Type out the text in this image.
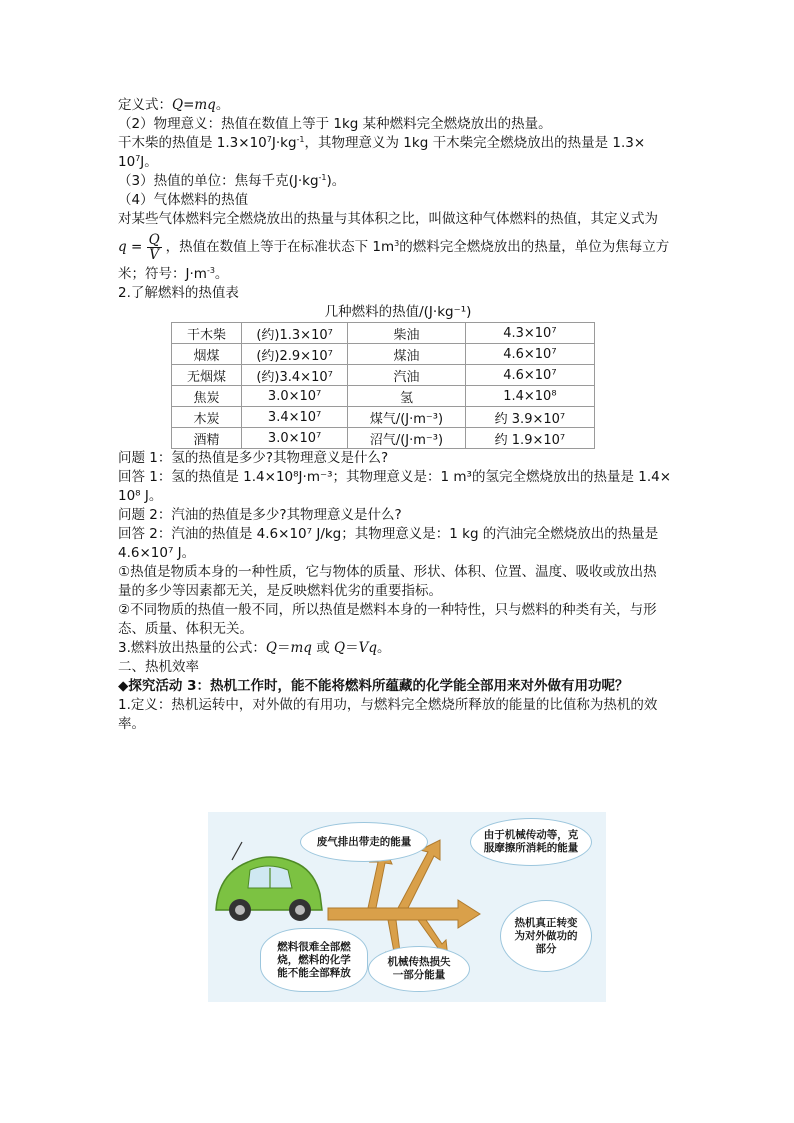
定义式：Q=mq。

（2）物理意义：热值在数值上等于 1kg 某种燃料完全燃烧放出的热量。

干木柴的热值是 $1.3\times 10^7J\cdot kg^{-1}$，其物理意义为 1kg 干木柴完全燃烧放出的热量是 1.3×

$10^7J$。

（3）热值的单位：焦每千克$(J\cdot kg^{-1})$。

（4）气体燃料的热值

对某些气体燃料完全燃烧放出的热量与其体积之比，叫做这种气体燃料的热值，其定义式为

$q = \frac{Q}{V}$ ，热值在数值上等于在标准状态下 $1m^3$的燃料完全燃烧放出的热量，单位为焦每立方

米；符号：$J\cdot m^{-3}$。

2.了解燃料的热值表

几种燃料的热值/(J·kg⁻¹)

干木柴	(约)1.3×10⁷	柴油	4.3×10⁷
烟煤	(约)2.9×10⁷	煤油	4.6×10⁷
无烟煤	(约)3.4×10⁷	汽油	4.6×10⁷
焦炭	3.0×10⁷	氢	1.4×10⁸
木炭	3.4×10⁷	煤气/(J·m⁻³)	约 3.9×10⁷
酒精	3.0×10⁷	沼气/(J·m⁻³)	约 1.9×10⁷

问题 1：氢的热值是多少?其物理意义是什么?

回答 1：氢的热值是 1.4×10⁸J·m⁻³；其物理意义是：1 m³的氢完全燃烧放出的热量是 1.4×

10⁸ J。

问题 2：汽油的热值是多少?其物理意义是什么?

回答 2：汽油的热值是 4.6×10⁷ J/kg；其物理意义是：1 kg 的汽油完全燃烧放出的热量是

4.6×10⁷ J。

①热值是物质本身的一种性质，它与物体的质量、形状、体积、位置、温度、吸收或放出热

量的多少等因素都无关，是反映燃料优劣的重要指标。

②不同物质的热值一般不同，所以热值是燃料本身的一种特性，只与燃料的种类有关，与形

态、质量、体积无关。

3.燃料放出热量的公式：Q＝mq 或 Q＝Vq。

二、热机效率

◆探究活动 3：热机工作时，能不能将燃料所蕴藏的化学能全部用来对外做有用功呢？

1.定义：热机运转中，对外做的有用功，与燃料完全燃烧所释放的能量的比值称为热机的效

率。

废气排出带走的能量
由于机械传动等，克服摩擦所消耗的能量
热机真正转变为对外做功的部分
燃料很难全部燃烧，燃料的化学能不能全部释放
机械传热损失一部分能量
